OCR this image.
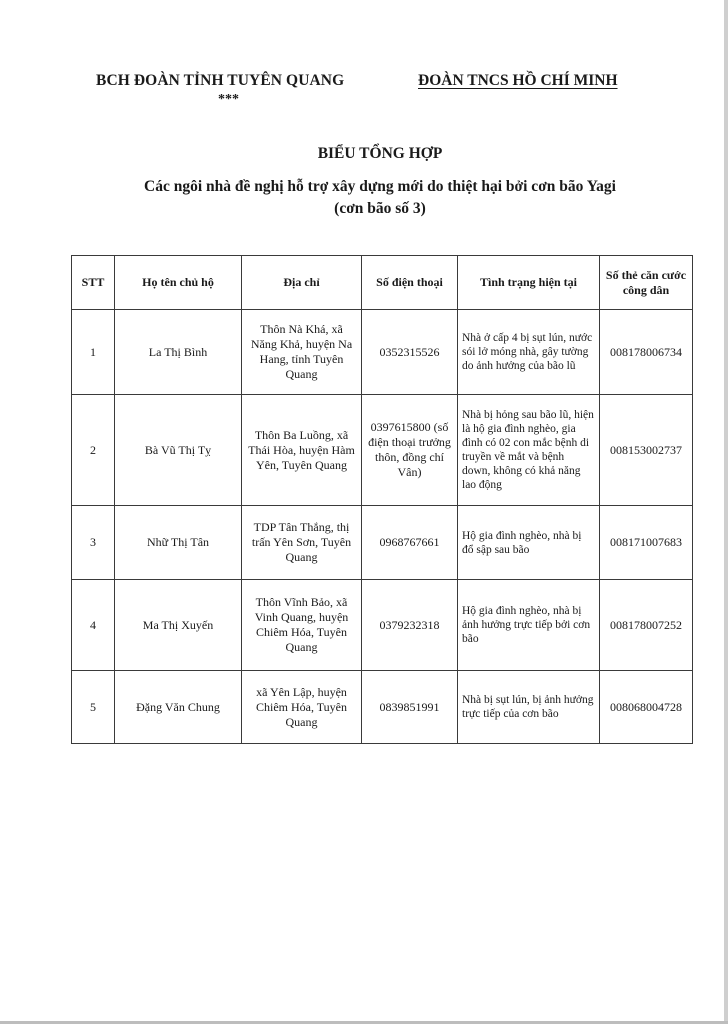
BCH ĐOÀN TỈNH TUYÊN QUANG
***
ĐOÀN TNCS HỒ CHÍ MINH
BIỂU TỔNG HỢP
Các ngôi nhà đề nghị hỗ trợ xây dựng mới do thiệt hại bởi cơn bão Yagi
(cơn bão số 3)
STT	Họ tên chủ hộ	Địa chỉ	Số điện thoại	Tình trạng hiện tại	Số thẻ căn cước công dân
1	La Thị Bình	Thôn Nà Khá, xã Năng Khả, huyện Na Hang, tỉnh Tuyên Quang	0352315526	Nhà ở cấp 4 bị sụt lún, nước sói lở móng nhà, gây tường do ảnh hưởng của bão lũ	008178006734
2	Bà Vũ Thị Tỵ	Thôn Ba Luồng, xã Thái Hòa, huyện Hàm Yên, Tuyên Quang	0397615800 (số điện thoại trưởng thôn, đồng chí Vân)	Nhà bị hỏng sau bão lũ, hiện là hộ gia đình nghèo, gia đình có 02 con mắc bệnh di truyền về mắt và bệnh down, không có khả năng lao động	008153002737
3	Nhữ Thị Tân	TDP Tân Thắng, thị trấn Yên Sơn, Tuyên Quang	0968767661	Hộ gia đình nghèo, nhà bị đổ sập sau bão	008171007683
4	Ma Thị Xuyến	Thôn Vĩnh Bảo, xã Vinh Quang, huyện Chiêm Hóa, Tuyên Quang	0379232318	Hộ gia đình nghèo, nhà bị ảnh hưởng trực tiếp bởi cơn bão	008178007252
5	Đặng Văn Chung	xã Yên Lập, huyện Chiêm Hóa, Tuyên Quang	0839851991	Nhà bị sụt lún, bị ảnh hưởng trực tiếp của cơn bão	008068004728
